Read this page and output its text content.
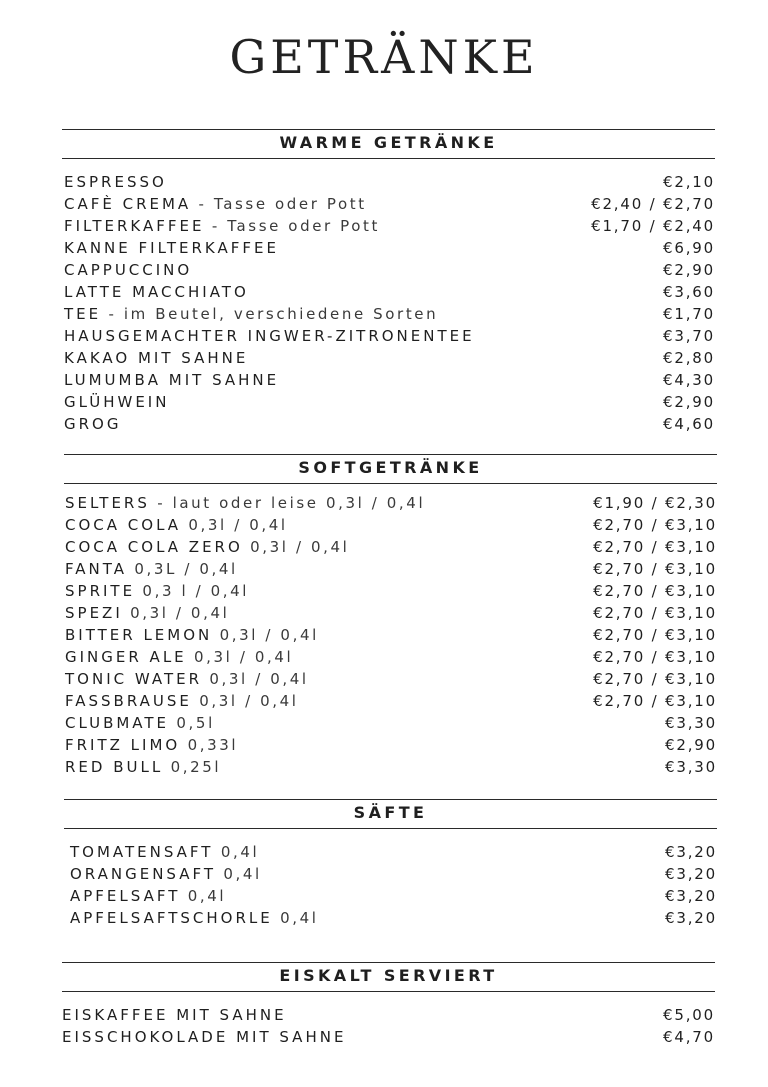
GETRÄNKE
WARME GETRÄNKE
ESPRESSO	€2,10
CAFÈ CREMA - Tasse oder Pott	€2,40 / €2,70
FILTERKAFFEE - Tasse oder Pott	€1,70 / €2,40
KANNE FILTERKAFFEE	€6,90
CAPPUCCINO	€2,90
LATTE MACCHIATO	€3,60
TEE - im Beutel, verschiedene Sorten	€1,70
HAUSGEMACHTER INGWER-ZITRONENTEE	€3,70
KAKAO MIT SAHNE	€2,80
LUMUMBA MIT SAHNE	€4,30
GLÜHWEIN	€2,90
GROG	€4,60
SOFTGETRÄNKE
SELTERS - laut oder leise 0,3l / 0,4l	€1,90 / €2,30
COCA COLA 0,3l / 0,4l	€2,70 / €3,10
COCA COLA ZERO 0,3l / 0,4l	€2,70 / €3,10
FANTA 0,3L / 0,4l	€2,70 / €3,10
SPRITE 0,3 l / 0,4l	€2,70 / €3,10
SPEZI 0,3l / 0,4l	€2,70 / €3,10
BITTER LEMON 0,3l / 0,4l	€2,70 / €3,10
GINGER ALE 0,3l / 0,4l	€2,70 / €3,10
TONIC WATER 0,3l / 0,4l	€2,70 / €3,10
FASSBRAUSE 0,3l / 0,4l	€2,70 / €3,10
CLUBMATE 0,5l	€3,30
FRITZ LIMO 0,33l	€2,90
RED BULL 0,25l	€3,30
SÄFTE
TOMATENSAFT 0,4l	€3,20
ORANGENSAFT 0,4l	€3,20
APFELSAFT 0,4l	€3,20
APFELSAFTSCHORLE 0,4l	€3,20
EISKALT SERVIERT
EISKAFFEE MIT SAHNE	€5,00
EISSCHOKOLADE MIT SAHNE	€4,70
